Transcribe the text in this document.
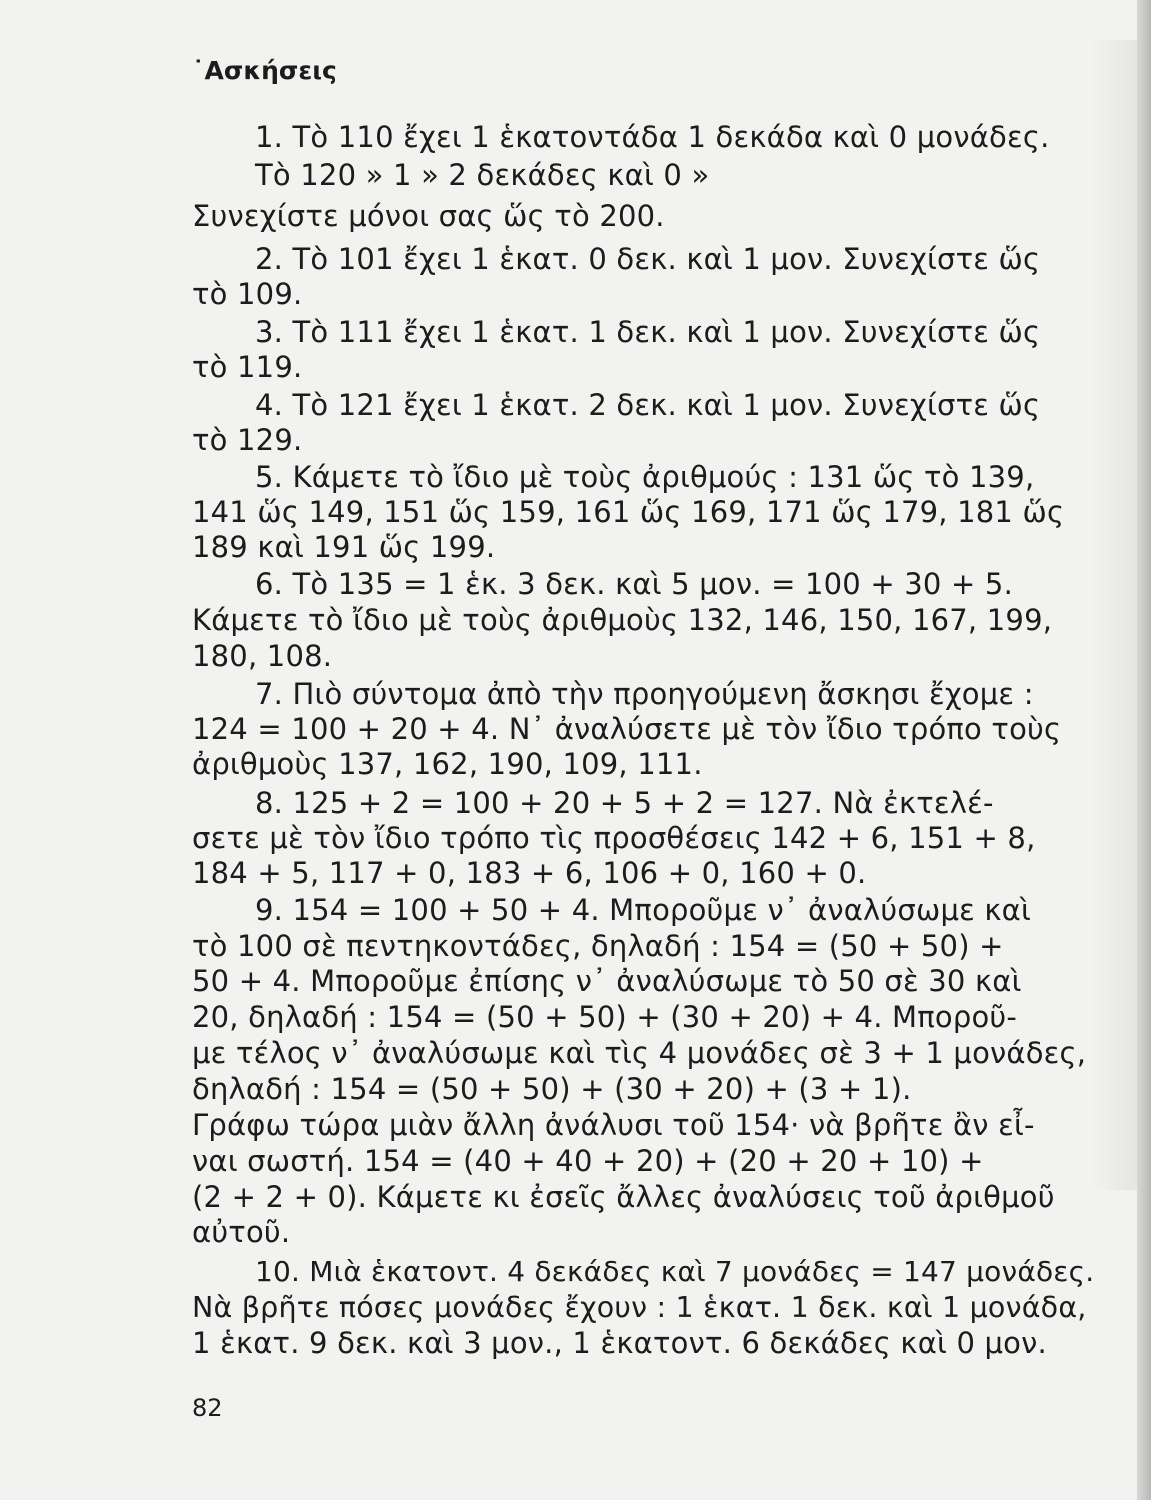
˙Ασκήσεις
1. Τὸ 110 ἔχει 1 ἑκατοντάδα 1 δεκάδα καὶ 0 μονάδες.
Τὸ 120 » 1 » 2 δεκάδες καὶ 0 »
Συνεχίστε μόνοι σας ὥς τὸ 200.
2. Τὸ 101 ἔχει 1 ἑκατ. 0 δεκ. καὶ 1 μον. Συνεχίστε ὥς
τὸ 109.
3. Τὸ 111 ἔχει 1 ἑκατ. 1 δεκ. καὶ 1 μον. Συνεχίστε ὥς
τὸ 119.
4. Τὸ 121 ἔχει 1 ἑκατ. 2 δεκ. καὶ 1 μον. Συνεχίστε ὥς
τὸ 129.
5. Κάμετε τὸ ἴδιο μὲ τοὺς ἀριθμούς : 131 ὥς τὸ 139,
141 ὥς 149, 151 ὥς 159, 161 ὥς 169, 171 ὥς 179, 181 ὥς
189 καὶ 191 ὥς 199.
6. Τὸ 135 = 1 ἑκ. 3 δεκ. καὶ 5 μον. = 100 + 30 + 5.
Κάμετε τὸ ἴδιο μὲ τοὺς ἀριθμοὺς 132, 146, 150, 167, 199,
180, 108.
7. Πιὸ σύντομα ἀπὸ τὴν προηγούμενη ἄσκησι ἔχομε :
124 = 100 + 20 + 4. Ν᾽ ἀναλύσετε μὲ τὸν ἴδιο τρόπο τοὺς
ἀριθμοὺς 137, 162, 190, 109, 111.
8. 125 + 2 = 100 + 20 + 5 + 2 = 127. Νὰ ἐκτελέ-
σετε μὲ τὸν ἴδιο τρόπο τὶς προσθέσεις 142 + 6, 151 + 8,
184 + 5, 117 + 0, 183 + 6, 106 + 0, 160 + 0.
9. 154 = 100 + 50 + 4. Μποροῦμε ν᾽ ἀναλύσωμε καὶ
τὸ 100 σὲ πεντηκοντάδες, δηλαδή : 154 = (50 + 50) +
50 + 4. Μποροῦμε ἐπίσης ν᾽ ἀναλύσωμε τὸ 50 σὲ 30 καὶ
20, δηλαδή : 154 = (50 + 50) + (30 + 20) + 4. Μποροῦ-
με τέλος ν᾽ ἀναλύσωμε καὶ τὶς 4 μονάδες σὲ 3 + 1 μονάδες,
δηλαδή : 154 = (50 + 50) + (30 + 20) + (3 + 1).
Γράφω τώρα μιὰν ἄλλη ἀνάλυσι τοῦ 154· νὰ βρῆτε ἂν εἶ-
ναι σωστή. 154 = (40 + 40 + 20) + (20 + 20 + 10) +
(2 + 2 + 0). Κάμετε κι ἐσεῖς ἄλλες ἀναλύσεις τοῦ ἀριθμοῦ
αὐτοῦ.
10. Μιὰ ἑκατοντ. 4 δεκάδες καὶ 7 μονάδες = 147 μονάδες.
Νὰ βρῆτε πόσες μονάδες ἔχουν : 1 ἑκατ. 1 δεκ. καὶ 1 μονάδα,
1 ἑκατ. 9 δεκ. καὶ 3 μον., 1 ἑκατοντ. 6 δεκάδες καὶ 0 μον.
82
